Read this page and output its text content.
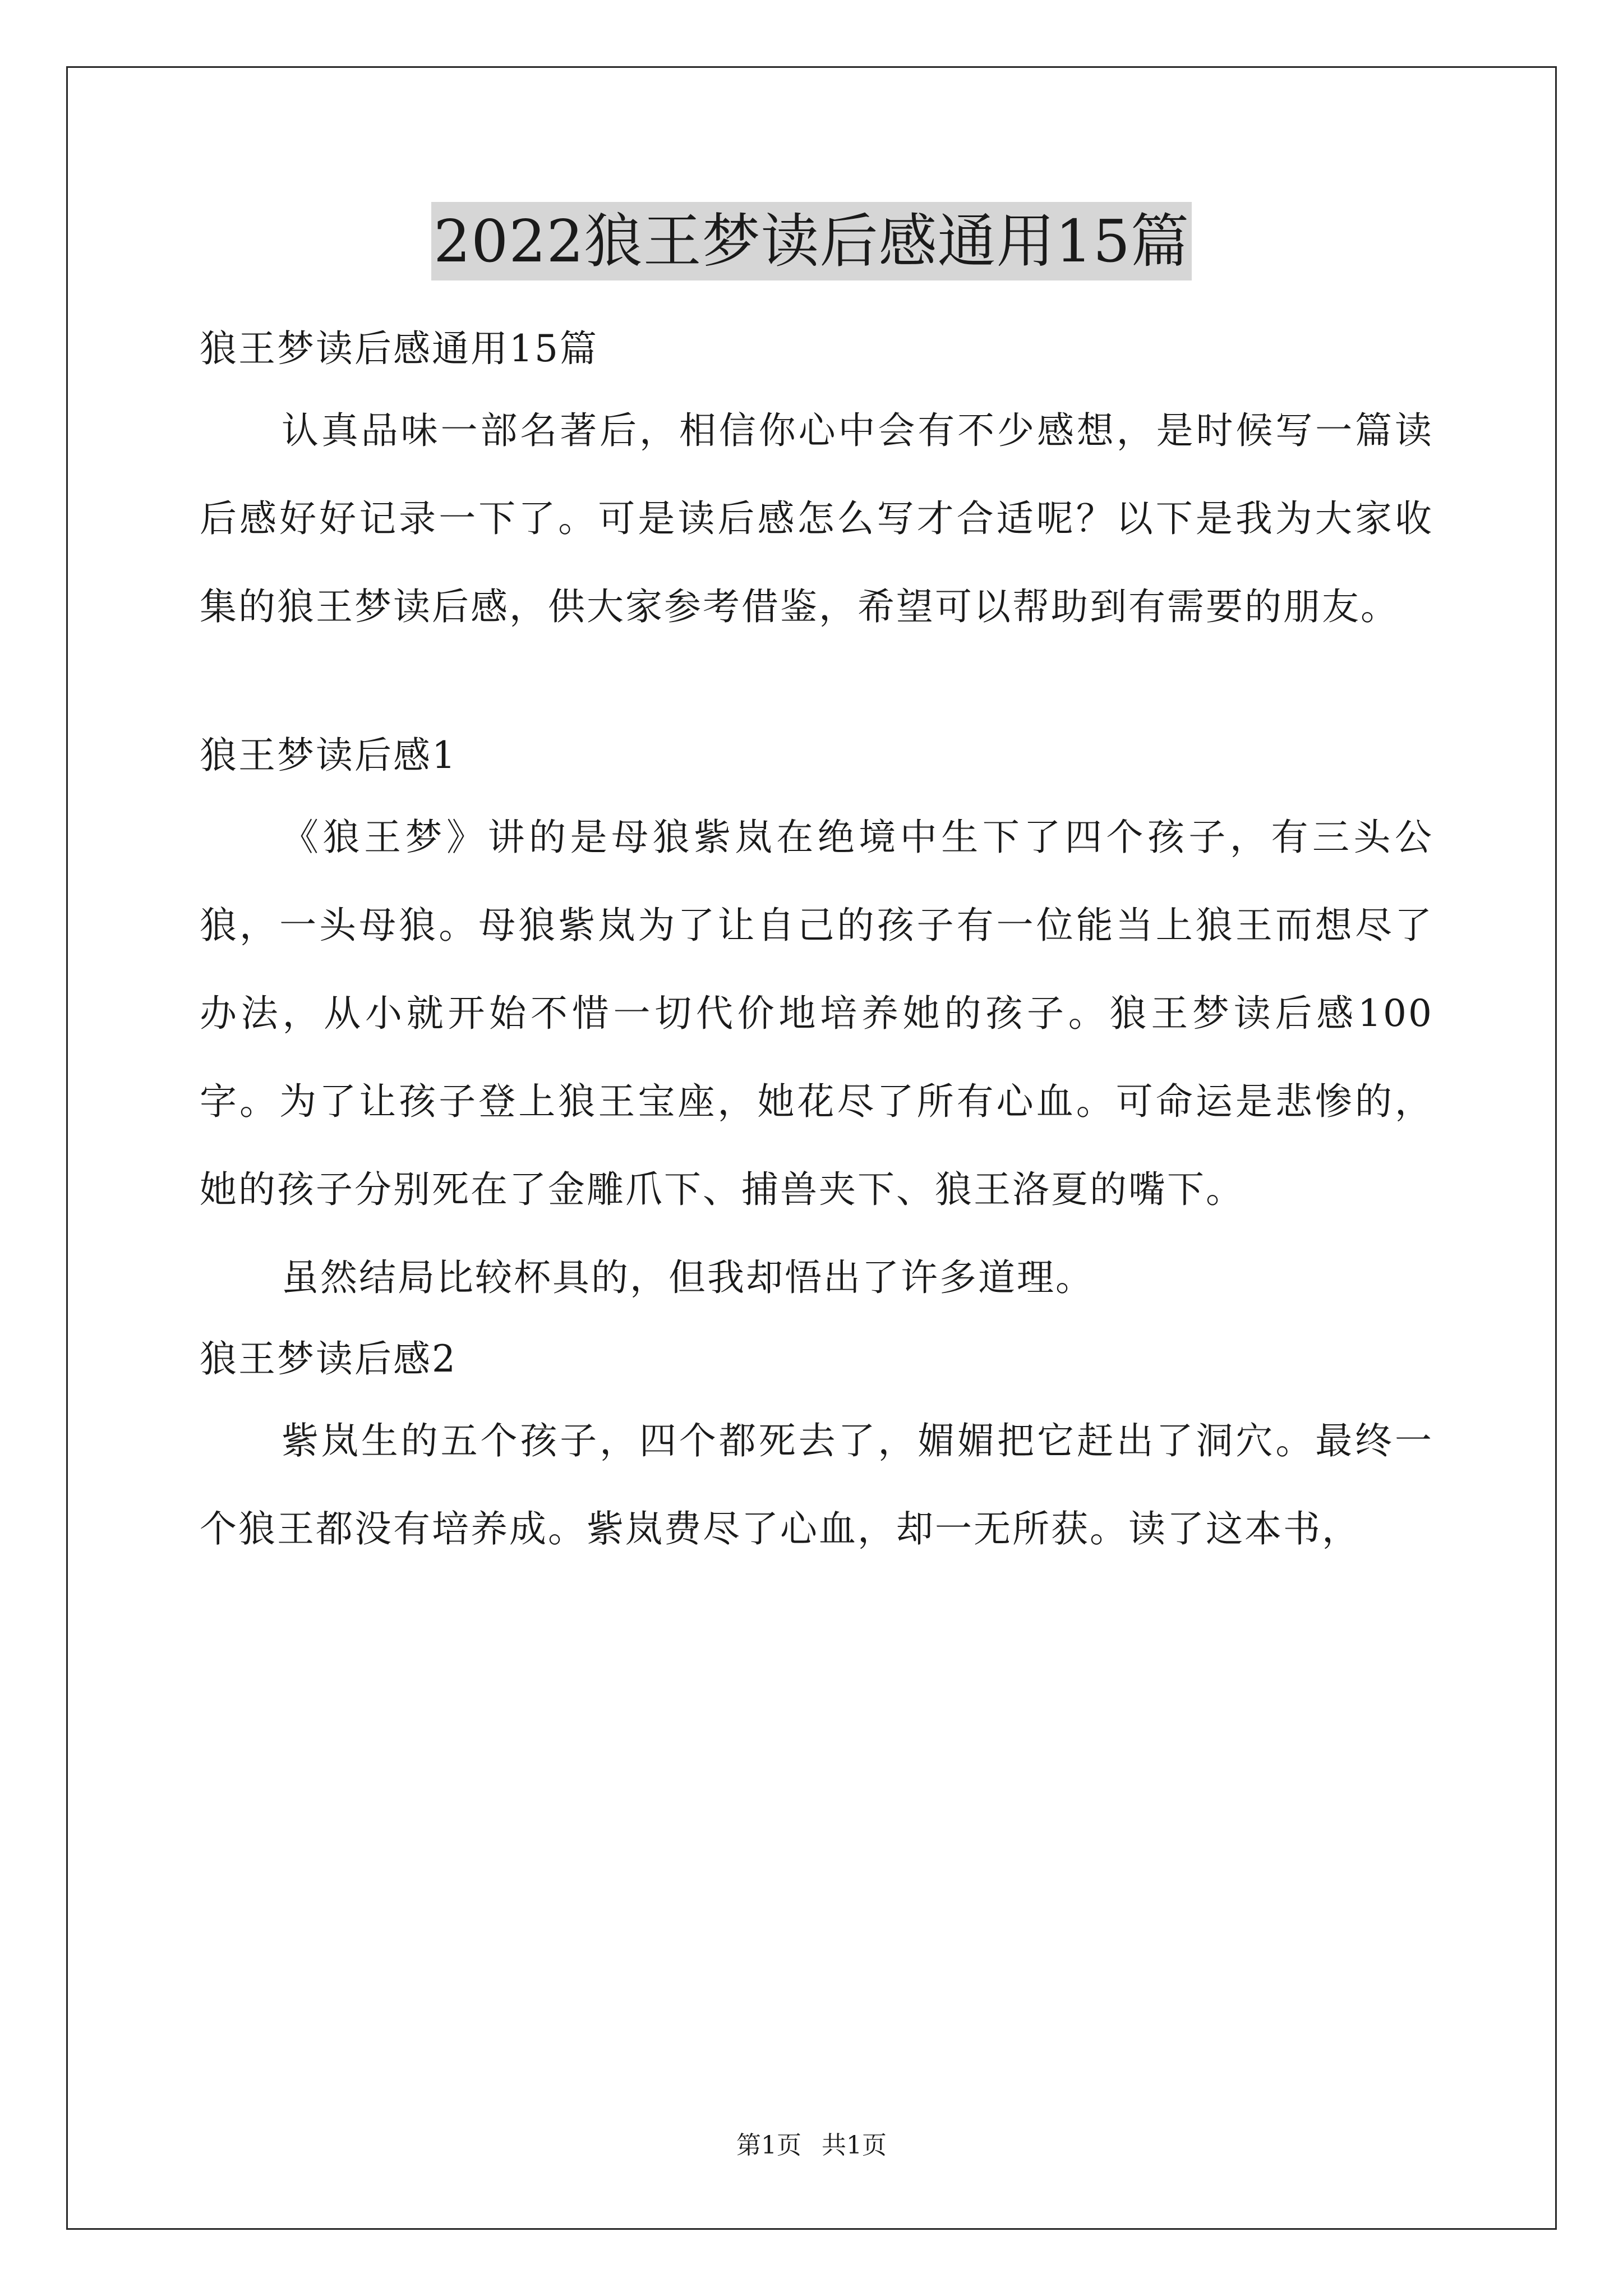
2022狼王梦读后感通用15篇

狼王梦读后感通用15篇

认真品味一部名著后，相信你心中会有不少感想，是时候写一篇读后感好好记录一下了。可是读后感怎么写才合适呢？以下是我为大家收集的狼王梦读后感，供大家参考借鉴，希望可以帮助到有需要的朋友。

狼王梦读后感1

《狼王梦》讲的是母狼紫岚在绝境中生下了四个孩子，有三头公狼，一头母狼。母狼紫岚为了让自己的孩子有一位能当上狼王而想尽了办法，从小就开始不惜一切代价地培养她的孩子。狼王梦读后感100字。为了让孩子登上狼王宝座，她花尽了所有心血。可命运是悲惨的，她的孩子分别死在了金雕爪下、捕兽夹下、狼王洛夏的嘴下。

虽然结局比较杯具的，但我却悟出了许多道理。

狼王梦读后感2

紫岚生的五个孩子，四个都死去了，媚媚把它赶出了洞穴。最终一个狼王都没有培养成。紫岚费尽了心血，却一无所获。读了这本书，

第1页 共1页
